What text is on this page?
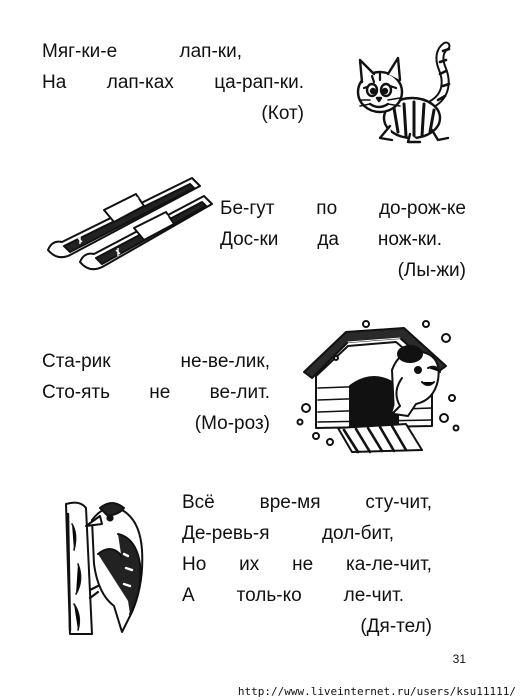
Мяг-ки-е	лап-ки,
На лап-ках ца-рап-ки.
(Кот)
Бе-гут по до-рож-ке
Дос-ки да нож-ки.
(Лы-жи)
Ста-рик	не-ве-лик,
Сто-ять не ве-лит.
(Мо-роз)
Всё вре-мя сту-чит,
Де-ревь-я	дол-бит,
Но их не ка-ле-чит,
А толь-ко ле-чит.
(Дя-тел)
31
http://www.liveinternet.ru/users/ksu11111/
